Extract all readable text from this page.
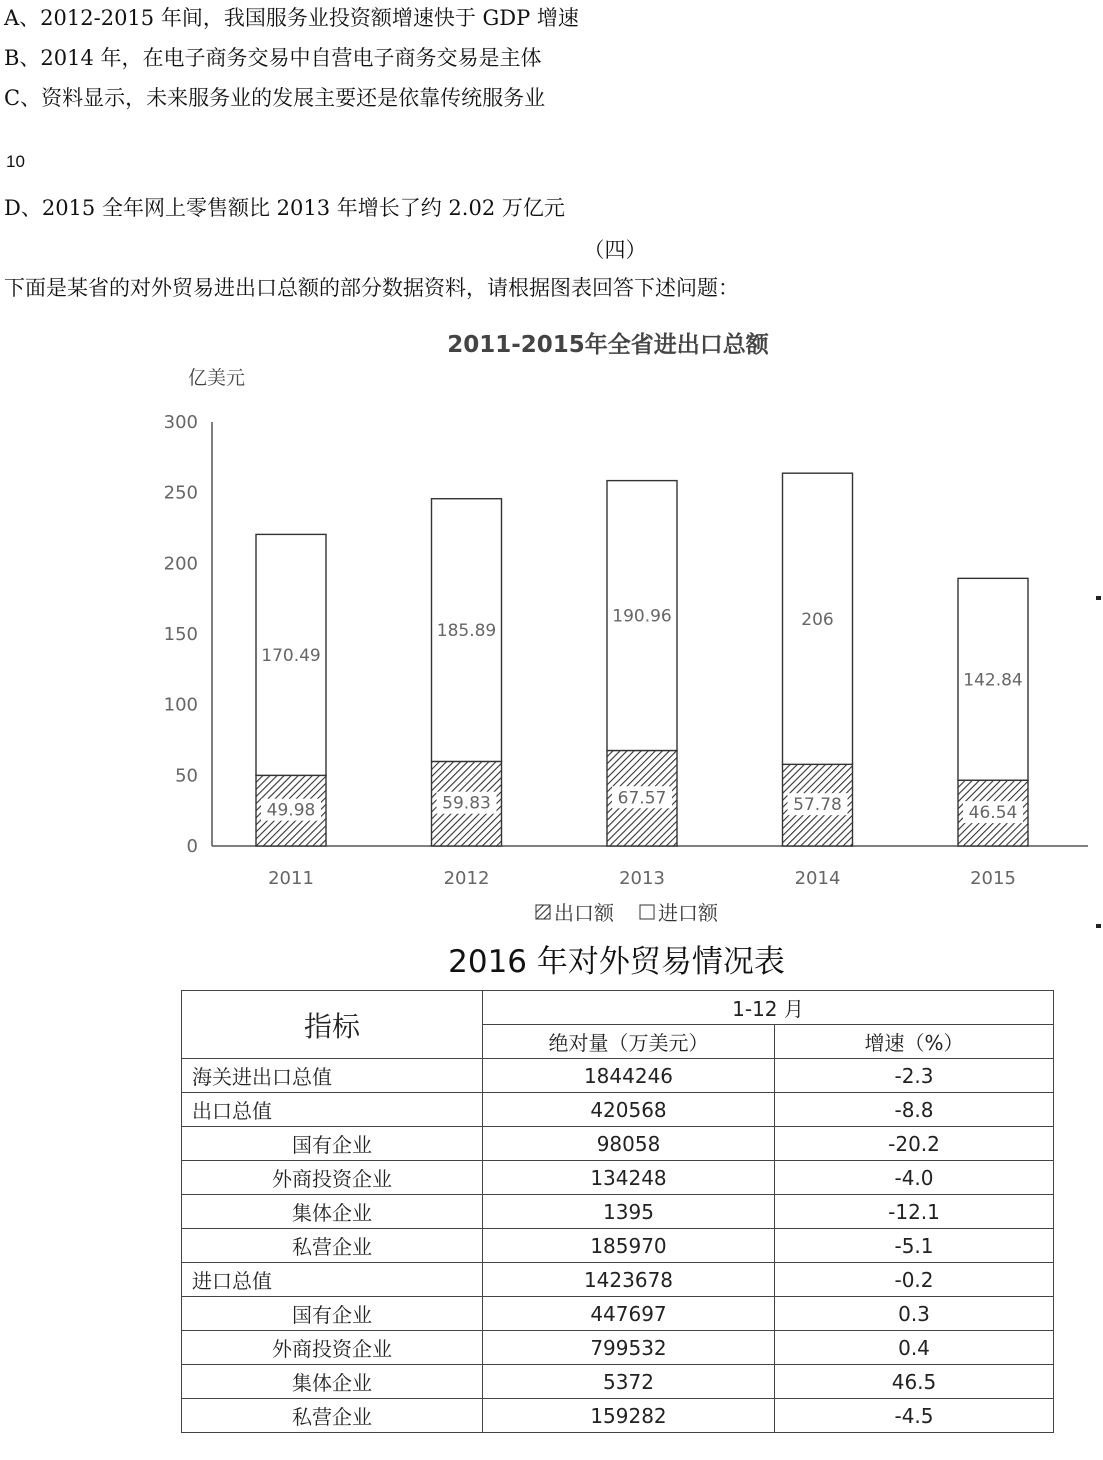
A、2012-2015 年间，我国服务业投资额增速快于 GDP 增速
B、2014 年，在电子商务交易中自营电子商务交易是主体
C、资料显示，未来服务业的发展主要还是依靠传统服务业
10
D、2015 全年网上零售额比 2013 年增长了约 2.02 万亿元
（四）
下面是某省的对外贸易进出口总额的部分数据资料，请根据图表回答下述问题：
2011-2015年全省进出口总额
亿美元
0
50
100
150
200
250
300
49.98
170.49
59.83
185.89
67.57
190.96
57.78
206
46.54
142.84
2011	2012	2013	2014	2015
出口额 进口额
2016 年对外贸易情况表
指标	1-12 月	
	绝对量（万美元）	增速（%）
海关进出口总值	1844246	-2.3
出口总值	420568	-8.8
国有企业	98058	-20.2
外商投资企业	134248	-4.0
集体企业	1395	-12.1
私营企业	185970	-5.1
进口总值	1423678	-0.2
国有企业	447697	0.3
外商投资企业	799532	0.4
集体企业	5372	46.5
私营企业	159282	-4.5
